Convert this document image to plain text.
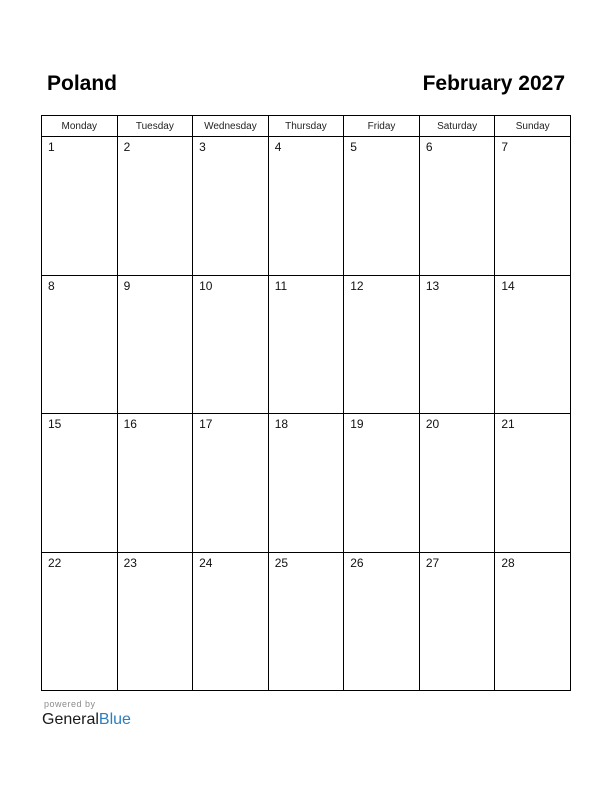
Poland	February 2027
Monday	Tuesday	Wednesday	Thursday	Friday	Saturday	Sunday

1	2	3	4	5	6	7

8	9	10	11	12	13	14

15	16	17	18	19	20	21

22	23	24	25	26	27	28
powered by
GeneralBlue
